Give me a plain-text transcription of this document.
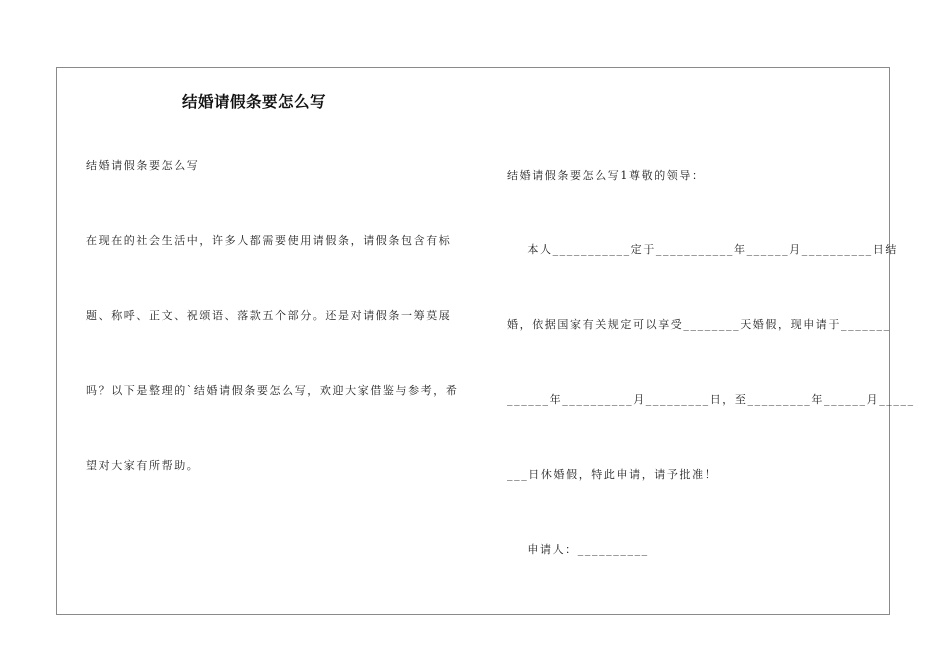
结婚请假条要怎么写
结婚请假条要怎么写
在现在的社会生活中，许多人都需要使用请假条，请假条包含有标
题、称呼、正文、祝颂语、落款五个部分。还是对请假条一筹莫展
吗？以下是整理的`结婚请假条要怎么写，欢迎大家借鉴与参考，希
望对大家有所帮助。
结婚请假条要怎么写1尊敬的领导：
本人___________定于___________年______月__________日结
婚，依据国家有关规定可以享受________天婚假，现申请于_______
______年__________月_________日，至_________年______月_____
___日休婚假，特此申请，请予批准！
申请人：__________
